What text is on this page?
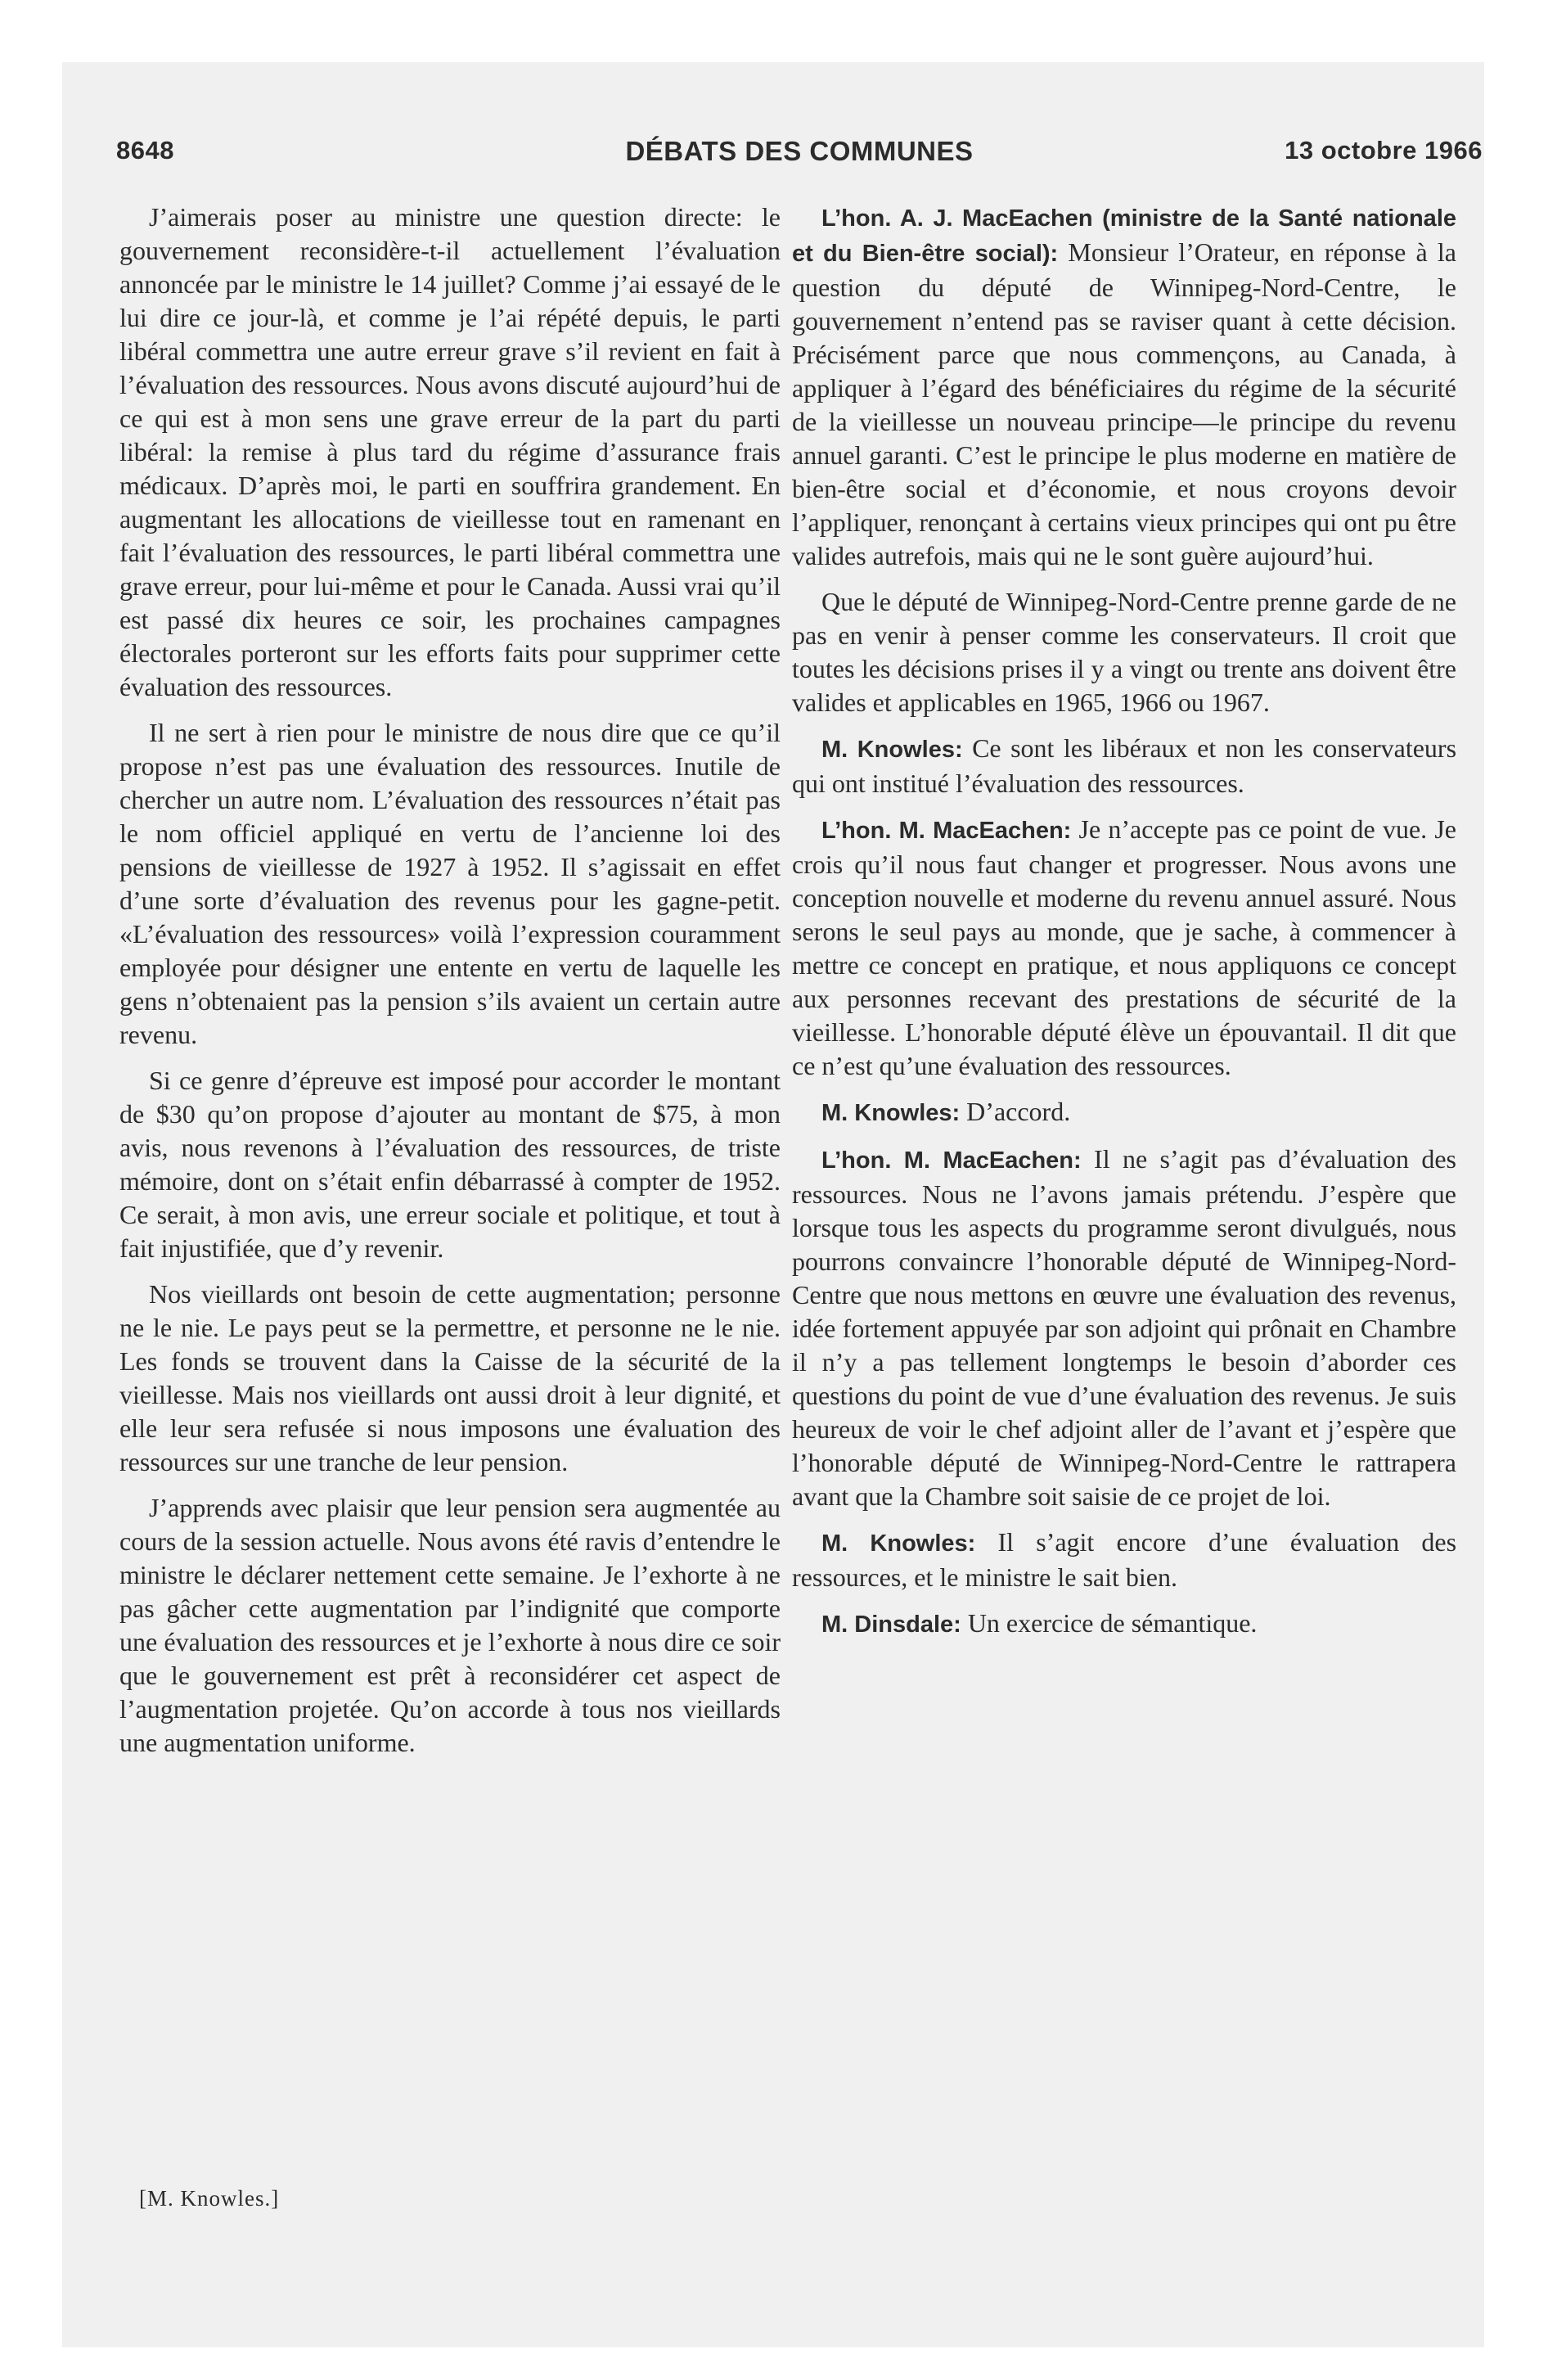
8648	DÉBATS DES COMMUNES	13 octobre 1966

J’aimerais poser au ministre une question directe: le gouvernement reconsidère-t-il actuellement l’évaluation annoncée par le ministre le 14 juillet? Comme j’ai essayé de le lui dire ce jour-là, et comme je l’ai répété depuis, le parti libéral commettra une autre erreur grave s’il revient en fait à l’évaluation des ressources. Nous avons discuté aujourd’hui de ce qui est à mon sens une grave erreur de la part du parti libéral: la remise à plus tard du régime d’assurance frais médicaux. D’après moi, le parti en souffrira grandement. En augmentant les allocations de vieillesse tout en ramenant en fait l’évaluation des ressources, le parti libéral commettra une grave erreur, pour lui-même et pour le Canada. Aussi vrai qu’il est passé dix heures ce soir, les prochaines campagnes électorales porteront sur les efforts faits pour supprimer cette évaluation des ressources.

Il ne sert à rien pour le ministre de nous dire que ce qu’il propose n’est pas une évaluation des ressources. Inutile de chercher un autre nom. L’évaluation des ressources n’était pas le nom officiel appliqué en vertu de l’ancienne loi des pensions de vieillesse de 1927 à 1952. Il s’agissait en effet d’une sorte d’évaluation des revenus pour les gagne-petit. «L’évaluation des ressources» voilà l’expression couramment employée pour désigner une entente en vertu de laquelle les gens n’obtenaient pas la pension s’ils avaient un certain autre revenu.

Si ce genre d’épreuve est imposé pour accorder le montant de $30 qu’on propose d’ajouter au montant de $75, à mon avis, nous revenons à l’évaluation des ressources, de triste mémoire, dont on s’était enfin débarrassé à compter de 1952. Ce serait, à mon avis, une erreur sociale et politique, et tout à fait injustifiée, que d’y revenir.

Nos vieillards ont besoin de cette augmentation; personne ne le nie. Le pays peut se la permettre, et personne ne le nie. Les fonds se trouvent dans la Caisse de la sécurité de la vieillesse. Mais nos vieillards ont aussi droit à leur dignité, et elle leur sera refusée si nous imposons une évaluation des ressources sur une tranche de leur pension.

J’apprends avec plaisir que leur pension sera augmentée au cours de la session actuelle. Nous avons été ravis d’entendre le ministre le déclarer nettement cette semaine. Je l’exhorte à ne pas gâcher cette augmentation par l’indignité que comporte une évaluation des ressources et je l’exhorte à nous dire ce soir que le gouvernement est prêt à reconsidérer cet aspect de l’augmentation projetée. Qu’on accorde à tous nos vieillards une augmentation uniforme.

[M. Knowles.]

L’hon. A. J. MacEachen (ministre de la Santé nationale et du Bien-être social): Monsieur l’Orateur, en réponse à la question du député de Winnipeg-Nord-Centre, le gouvernement n’entend pas se raviser quant à cette décision. Précisément parce que nous commençons, au Canada, à appliquer à l’égard des bénéficiaires du régime de la sécurité de la vieillesse un nouveau principe—le principe du revenu annuel garanti. C’est le principe le plus moderne en matière de bien-être social et d’économie, et nous croyons devoir l’appliquer, renonçant à certains vieux principes qui ont pu être valides autrefois, mais qui ne le sont guère aujourd’hui.

Que le député de Winnipeg-Nord-Centre prenne garde de ne pas en venir à penser comme les conservateurs. Il croit que toutes les décisions prises il y a vingt ou trente ans doivent être valides et applicables en 1965, 1966 ou 1967.

M. Knowles: Ce sont les libéraux et non les conservateurs qui ont institué l’évaluation des ressources.

L’hon. M. MacEachen: Je n’accepte pas ce point de vue. Je crois qu’il nous faut changer et progresser. Nous avons une conception nouvelle et moderne du revenu annuel assuré. Nous serons le seul pays au monde, que je sache, à commencer à mettre ce concept en pratique, et nous appliquons ce concept aux personnes recevant des prestations de sécurité de la vieillesse. L’honorable député élève un épouvantail. Il dit que ce n’est qu’une évaluation des ressources.

M. Knowles: D’accord.

L’hon. M. MacEachen: Il ne s’agit pas d’évaluation des ressources. Nous ne l’avons jamais prétendu. J’espère que lorsque tous les aspects du programme seront divulgués, nous pourrons convaincre l’honorable député de Winnipeg-Nord-Centre que nous mettons en œuvre une évaluation des revenus, idée fortement appuyée par son adjoint qui prônait en Chambre il n’y a pas tellement longtemps le besoin d’aborder ces questions du point de vue d’une évaluation des revenus. Je suis heureux de voir le chef adjoint aller de l’avant et j’espère que l’honorable député de Winnipeg-Nord-Centre le rattrapera avant que la Chambre soit saisie de ce projet de loi.

M. Knowles: Il s’agit encore d’une évaluation des ressources, et le ministre le sait bien.

M. Dinsdale: Un exercice de sémantique.
